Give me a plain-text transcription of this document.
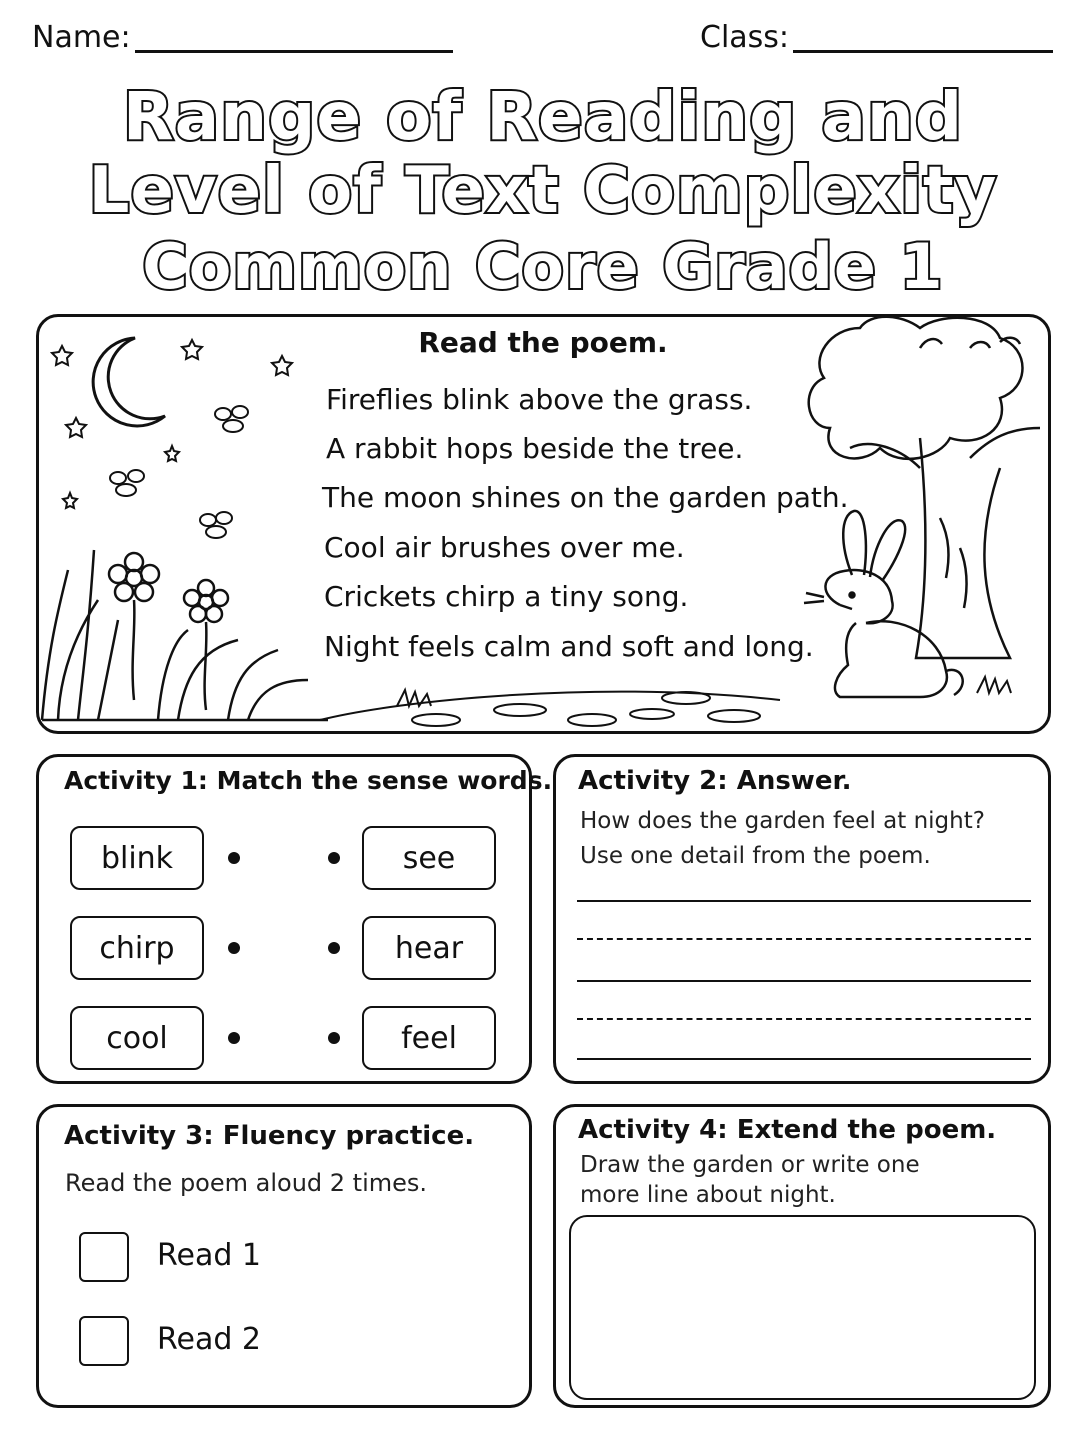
Name:	Class:
Range of Reading and
Level of Text Complexity
Common Core Grade 1
Read the poem.
Fireflies blink above the grass.
A rabbit hops beside the tree.
The moon shines on the garden path.
Cool air brushes over me.
Crickets chirp a tiny song.
Night feels calm and soft and long.
Activity 1: Match the sense words.
blink
chirp
cool
see
hear
feel
Activity 2: Answer.
How does the garden feel at night?
Use one detail from the poem.
Activity 3: Fluency practice.
Read the poem aloud 2 times.
Read 1
Read 2
Activity 4: Extend the poem.
Draw the garden or write one
more line about night.
